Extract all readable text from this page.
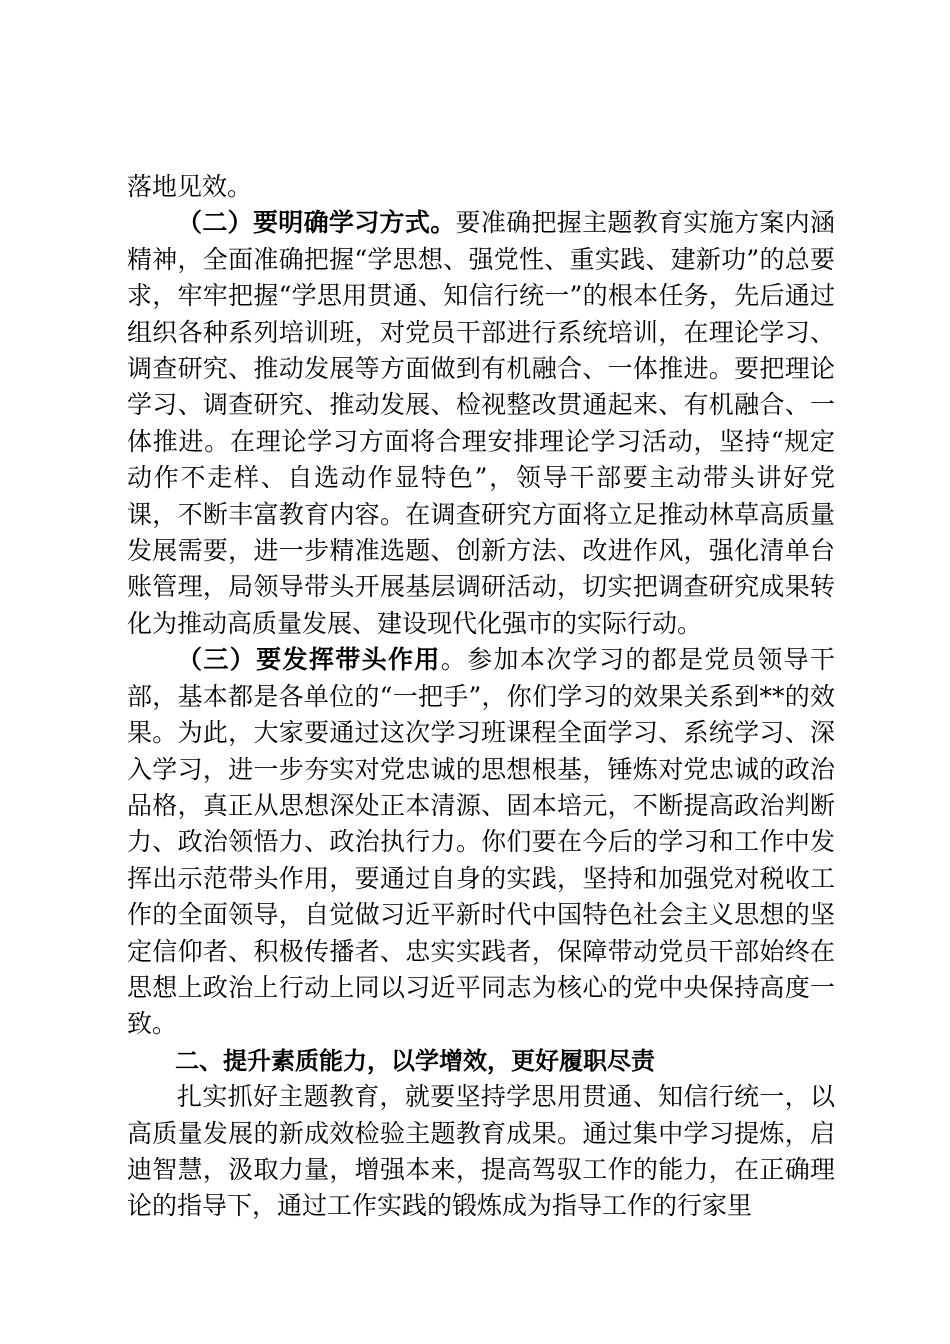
落地见效。

（二）要明确学习方式。要准确把握主题教育实施方案内涵精神，全面准确把握“学思想、强党性、重实践、建新功”的总要求，牢牢把握“学思用贯通、知信行统一”的根本任务，先后通过组织各种系列培训班，对党员干部进行系统培训，在理论学习、调查研究、推动发展等方面做到有机融合、一体推进。要把理论学习、调查研究、推动发展、检视整改贯通起来、有机融合、一体推进。在理论学习方面将合理安排理论学习活动，坚持“规定动作不走样、自选动作显特色”，领导干部要主动带头讲好党课，不断丰富教育内容。在调查研究方面将立足推动林草高质量发展需要，进一步精准选题、创新方法、改进作风，强化清单台账管理，局领导带头开展基层调研活动，切实把调查研究成果转化为推动高质量发展、建设现代化强市的实际行动。

（三）要发挥带头作用。参加本次学习的都是党员领导干部，基本都是各单位的“一把手”，你们学习的效果关系到**的效果。为此，大家要通过这次学习班课程全面学习、系统学习、深入学习，进一步夯实对党忠诚的思想根基，锤炼对党忠诚的政治品格，真正从思想深处正本清源、固本培元，不断提高政治判断力、政治领悟力、政治执行力。你们要在今后的学习和工作中发挥出示范带头作用，要通过自身的实践，坚持和加强党对税收工作的全面领导，自觉做习近平新时代中国特色社会主义思想的坚定信仰者、积极传播者、忠实实践者，保障带动党员干部始终在思想上政治上行动上同以习近平同志为核心的党中央保持高度一致。

二、提升素质能力，以学增效，更好履职尽责

扎实抓好主题教育，就要坚持学思用贯通、知信行统一，以高质量发展的新成效检验主题教育成果。通过集中学习提炼，启迪智慧，汲取力量，增强本来，提高驾驭工作的能力，在正确理论的指导下，通过工作实践的锻炼成为指导工作的行家里
